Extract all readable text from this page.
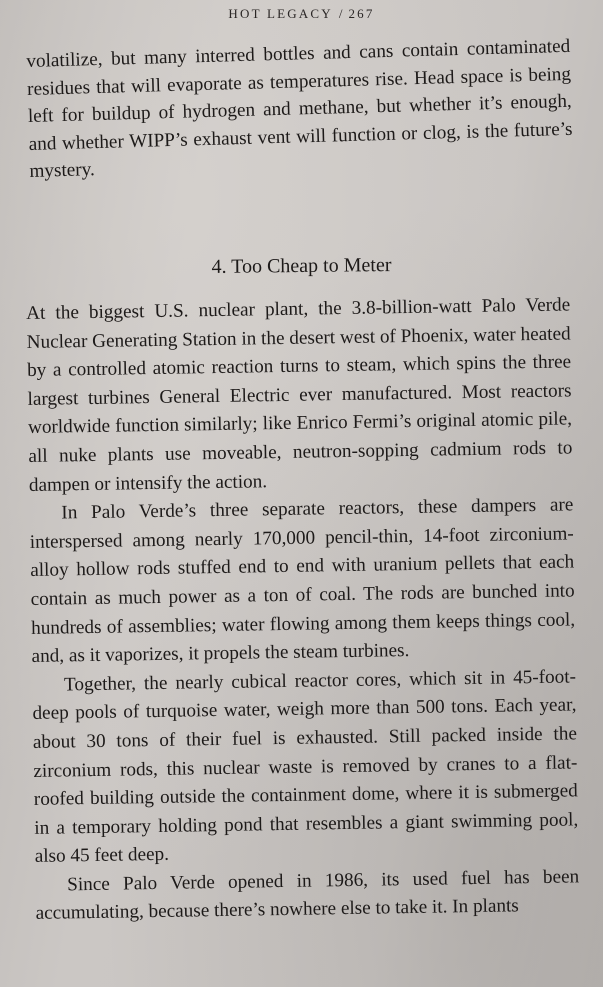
HOT LEGACY / 267

volatilize, but many interred bottles and cans contain contaminated residues that will evaporate as temperatures rise. Head space is being left for buildup of hydrogen and methane, but whether it’s enough, and whether WIPP’s exhaust vent will function or clog, is the future’s mystery.

4. Too Cheap to Meter

At the biggest U.S. nuclear plant, the 3.8-billion-watt Palo Verde Nuclear Generating Station in the desert west of Phoenix, water heated by a controlled atomic reaction turns to steam, which spins the three largest turbines General Electric ever manufactured. Most reactors worldwide function similarly; like Enrico Fermi’s original atomic pile, all nuke plants use moveable, neutron-sopping cadmium rods to dampen or intensify the action.

In Palo Verde’s three separate reactors, these dampers are interspersed among nearly 170,000 pencil-thin, 14-foot zirconium-alloy hollow rods stuffed end to end with uranium pellets that each contain as much power as a ton of coal. The rods are bunched into hundreds of assemblies; water flowing among them keeps things cool, and, as it vaporizes, it propels the steam turbines.

Together, the nearly cubical reactor cores, which sit in 45-foot-deep pools of turquoise water, weigh more than 500 tons. Each year, about 30 tons of their fuel is exhausted. Still packed inside the zirconium rods, this nuclear waste is removed by cranes to a flat-roofed building outside the containment dome, where it is submerged in a temporary holding pond that resembles a giant swimming pool, also 45 feet deep.

Since Palo Verde opened in 1986, its used fuel has been accumulating, because there’s nowhere else to take it. In plants
